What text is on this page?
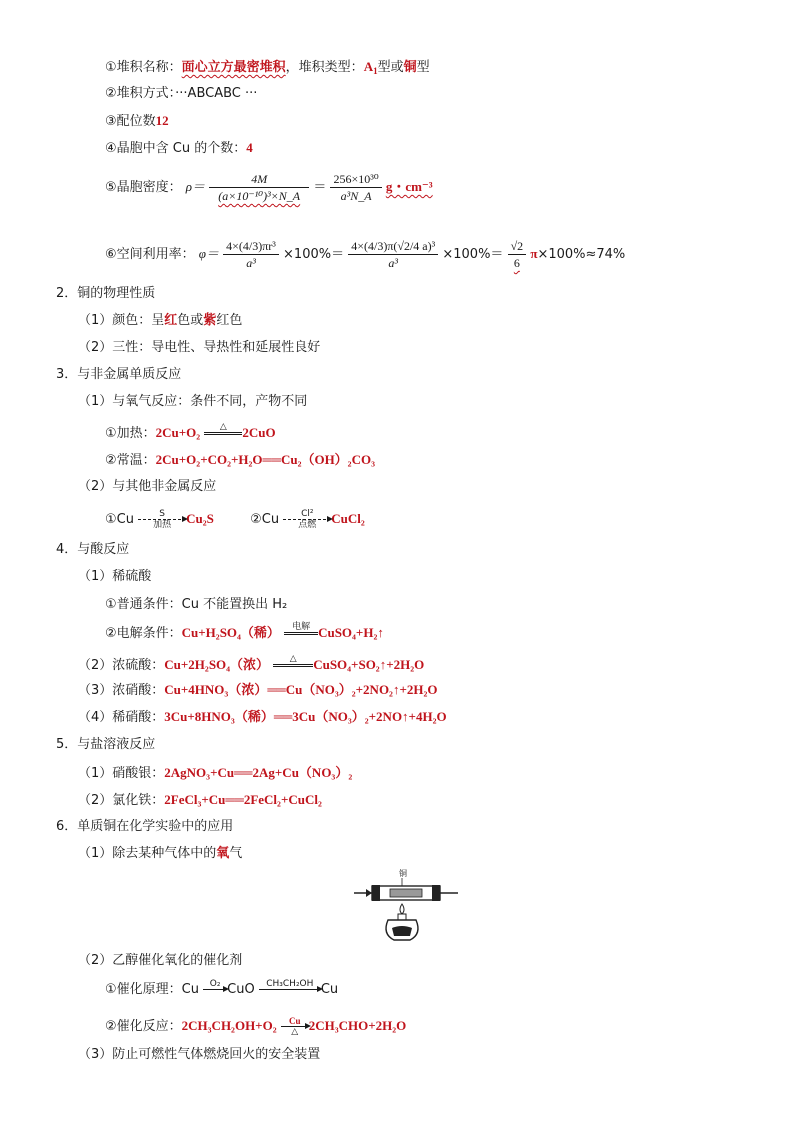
①堆积名称：面心立方最密堆积，堆积类型：$A_1$型或铜型
②堆积方式：···ABCABC ···
③配位数12
④晶胞中含 Cu 的个数：4
⑤晶胞密度： $\rho= \frac{4M}{\text{(a×10⁻¹⁰)³×N\_A}} = \frac{\text{256×10³⁰}}{\text{a³N\_A}}$ g・cm⁻³
⑥空间利用率： $\varphi= \frac{\text{4×(4/3)πr³}}{\text{a³}} \times 100\%= \frac{\text{4×(4/3)π(√2/4 a)³}}{\text{a³}} \times 100\%= \frac{√2}{6} \pi\times 100\%\approx 74\%$
2．铜的物理性质
（1）颜色：呈红色或紫红色
（2）三性：导电性、导热性和延展性良好
3．与非金属单质反应
（1）与氧气反应：条件不同，产物不同
①加热：2Cu+O₂	△
	2CuO
②常温：2Cu+O₂+CO₂+H₂O══Cu₂（OH）₂CO₃
（2）与其他非金属反应
①Cu	S
加热	Cu₂S	②Cu	Cl²
点燃	CuCl₂
4．与酸反应
（1）稀硫酸
①普通条件：Cu 不能置换出 H₂
②电解条件：Cu+H₂SO₄（稀）	电解
CuSO₄+H₂↑
（2）浓硫酸：Cu+2H₂SO₄（浓）	△
	CuSO₄+SO₂↑+2H₂O
（3）浓硝酸：Cu+4HNO₃（浓）══Cu（NO₃）₂+2NO₂↑+2H₂O
（4）稀硝酸：3Cu+8HNO₃（稀）══3Cu（NO₃）₂+2NO↑+4H₂O
5．与盐溶液反应
（1）硝酸银：2AgNO₃+Cu══2Ag+Cu（NO₃）₂
（2）氯化铁：2FeCl₃+Cu══2FeCl₂+CuCl₂
6．单质铜在化学实验中的应用
（1）除去某种气体中的氧气
铜
（2）乙醇催化氧化的催化剂
①催化原理：Cu	O₂
CuO	CH₃CH₂OH
Cu
②催化反应：2CH₃CH₂OH+O₂	Cu
△ 2CH₃CHO+2H₂O
（3）防止可燃性气体燃烧回火的安全装置
